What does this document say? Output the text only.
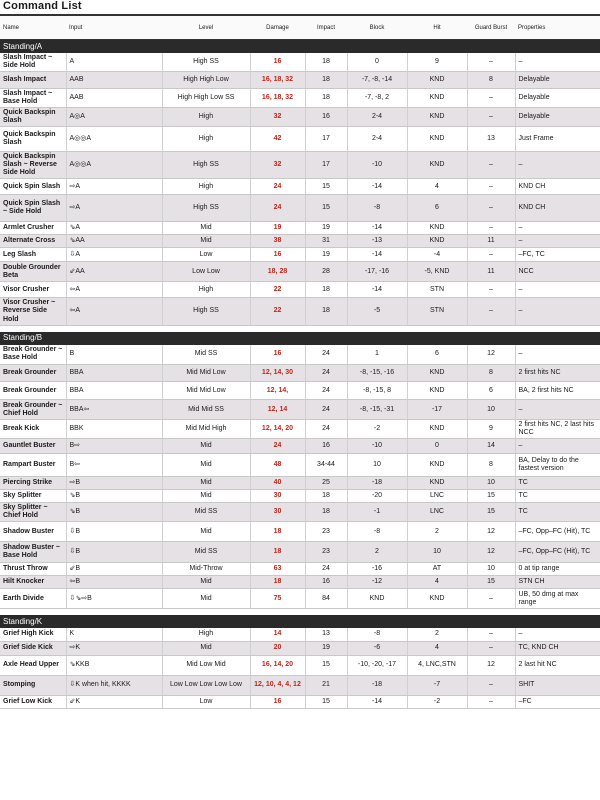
Command List
Name	Input	Level	Damage	Impact	Block	Hit	Guard Burst	Properties
Standing/A								
Slash Impact ~ Side Hold	A	High SS	16	18	0	9	–	–
Slash Impact	AAB	High High Low	16, 18, 32	18	-7, -8, -14	KND	8	Delayable
Slash Impact ~ Base Hold	AAB	High High Low SS	16, 18, 32	18	-7, -8, 2	KND	–	Delayable
Quick Backspin Slash	A◎A	High	32	16	2-4	KND	–	Delayable
Quick Backspin Slash	A◎◎A	High	42	17	2-4	KND	13	Just Frame
Quick Backspin Slash ~ Reverse Side Hold	A◎◎A	High SS	32	17	-10	KND	–	–
Quick Spin Slash	⇨A	High	24	15	-14	4	–	KND CH
Quick Spin Slash ~ Side Hold	⇨A	High SS	24	15	-8	6	–	KND CH
Armlet Crusher	⇘A	Mid	19	19	-14	KND	–	–
Alternate Cross	⇘AA	Mid	38	31	-13	KND	11	–
Leg Slash	⇩A	Low	16	19	-14	-4	–	–FC, TC
Double Grounder Beta	⇙AA	Low Low	18, 28	28	-17, -16	-5, KND	11	NCC
Visor Crusher	⇦A	High	22	18	-14	STN	–	–
Visor Crusher ~ Reverse Side Hold	⇦A	High SS	22	18	-5	STN	–	–

Standing/B								
Break Grounder ~ Base Hold	B	Mid SS	16	24	1	6	12	–
Break Grounder	BBA	Mid Mid Low	12, 14, 30	24	-8, -15, -16	KND	8	2 first hits NC
Break Grounder	BBA	Mid Mid Low	12, 14,	24	-8, -15, 8	KND	6	BA, 2 first hits NC
Break Grounder ~ Chief Hold	BBA⇦	Mid Mid SS	12, 14	24	-8, -15, -31	-17	10	–
Break Kick	BBK	Mid Mid High	12, 14, 20	24	-2	KND	9	2 first hits NC, 2 last hits NCC
Gauntlet Buster	B⇨	Mid	24	16	-10	0	14	–
Rampart Buster	B⇦	Mid	48	34-44	10	KND	8	BA, Delay to do the fastest version
Piercing Strike	⇨B	Mid	40	25	-18	KND	10	TC
Sky Splitter	⇘B	Mid	30	18	-20	LNC	15	TC
Sky Splitter ~ Chief Hold	⇘B	Mid SS	30	18	-1	LNC	15	TC
Shadow Buster	⇩B	Mid	18	23	-8	2	12	–FC, Opp–FC (Hit), TC
Shadow Buster ~ Base Hold	⇩B	Mid SS	18	23	2	10	12	–FC, Opp–FC (Hit), TC
Thrust Throw	⇙B	Mid-Throw	63	24	-16	AT	10	0 at tip range
Hilt Knocker	⇦B	Mid	18	16	-12	4	15	STN CH
Earth Divide	⇩⇘⇨B	Mid	75	84	KND	KND	–	UB, 50 dmg at max range

Standing/K								
Grief High Kick	K	High	14	13	-8	2	–	–
Grief Side Kick	⇨K	Mid	20	19	-6	4	–	TC, KND CH
Axle Head Upper	⇘KKB	Mid Low Mid	16, 14, 20	15	-10, -20, -17	4, LNC,STN	12	2 last hit NC
Stomping	⇩K when hit, KKKK	Low Low Low Low Low	12, 10, 4, 4, 12	21	-18	-7	–	SHIT
Grief Low Kick	⇙K	Low	16	15	-14	-2	–	–FC
